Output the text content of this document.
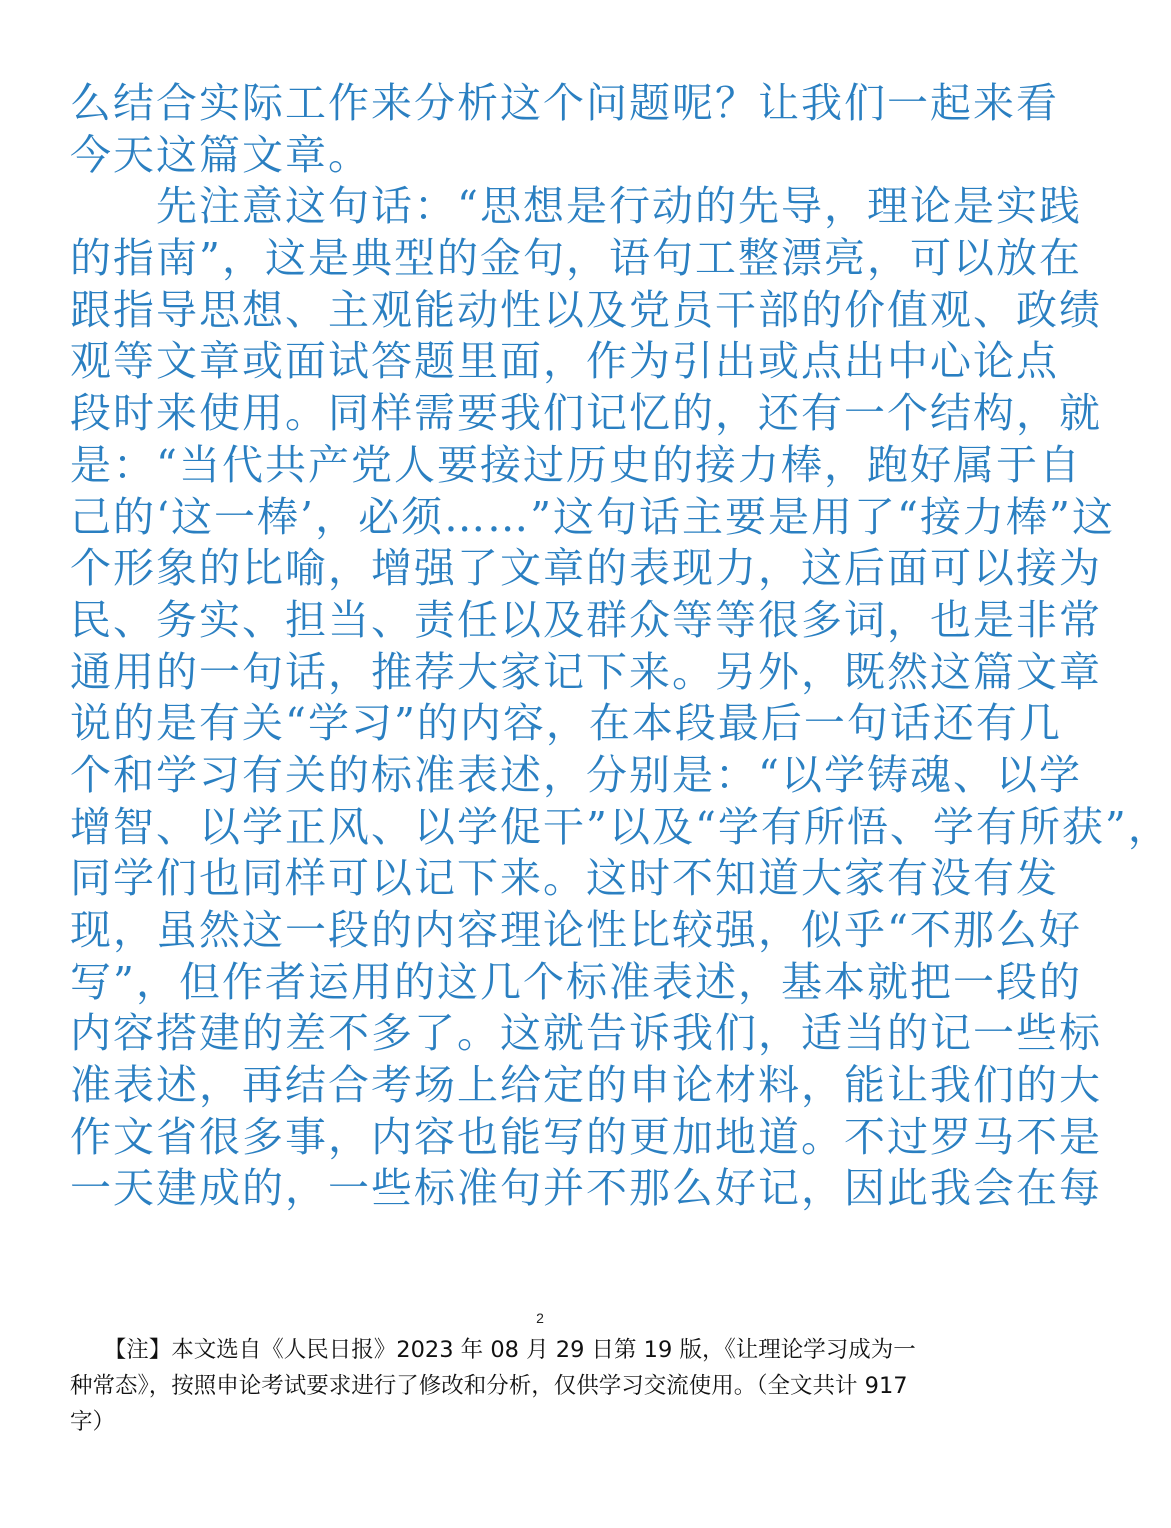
么结合实际工作来分析这个问题呢？让我们一起来看
今天这篇文章。
　　先注意这句话：“思想是行动的先导，理论是实践
的指南”，这是典型的金句，语句工整漂亮，可以放在
跟指导思想、主观能动性以及党员干部的价值观、政绩
观等文章或面试答题里面，作为引出或点出中心论点
段时来使用。同样需要我们记忆的，还有一个结构，就
是：“当代共产党人要接过历史的接力棒，跑好属于自
己的‘这一棒’，必须……”这句话主要是用了“接力棒”这
个形象的比喻，增强了文章的表现力，这后面可以接为
民、务实、担当、责任以及群众等等很多词，也是非常
通用的一句话，推荐大家记下来。另外，既然这篇文章
说的是有关“学习”的内容，在本段最后一句话还有几
个和学习有关的标准表述，分别是：“以学铸魂、以学
增智、以学正风、以学促干”以及“学有所悟、学有所获”，
同学们也同样可以记下来。这时不知道大家有没有发
现，虽然这一段的内容理论性比较强，似乎“不那么好
写”，但作者运用的这几个标准表述，基本就把一段的
内容搭建的差不多了。这就告诉我们，适当的记一些标
准表述，再结合考场上给定的申论材料，能让我们的大
作文省很多事，内容也能写的更加地道。不过罗马不是
一天建成的，一些标准句并不那么好记，因此我会在每
2
　　【注】本文选自《人民日报》2023 年 08 月 29 日第 19 版，《让理论学习成为一
种常态》，按照申论考试要求进行了修改和分析，仅供学习交流使用。（全文共计 917
字）
